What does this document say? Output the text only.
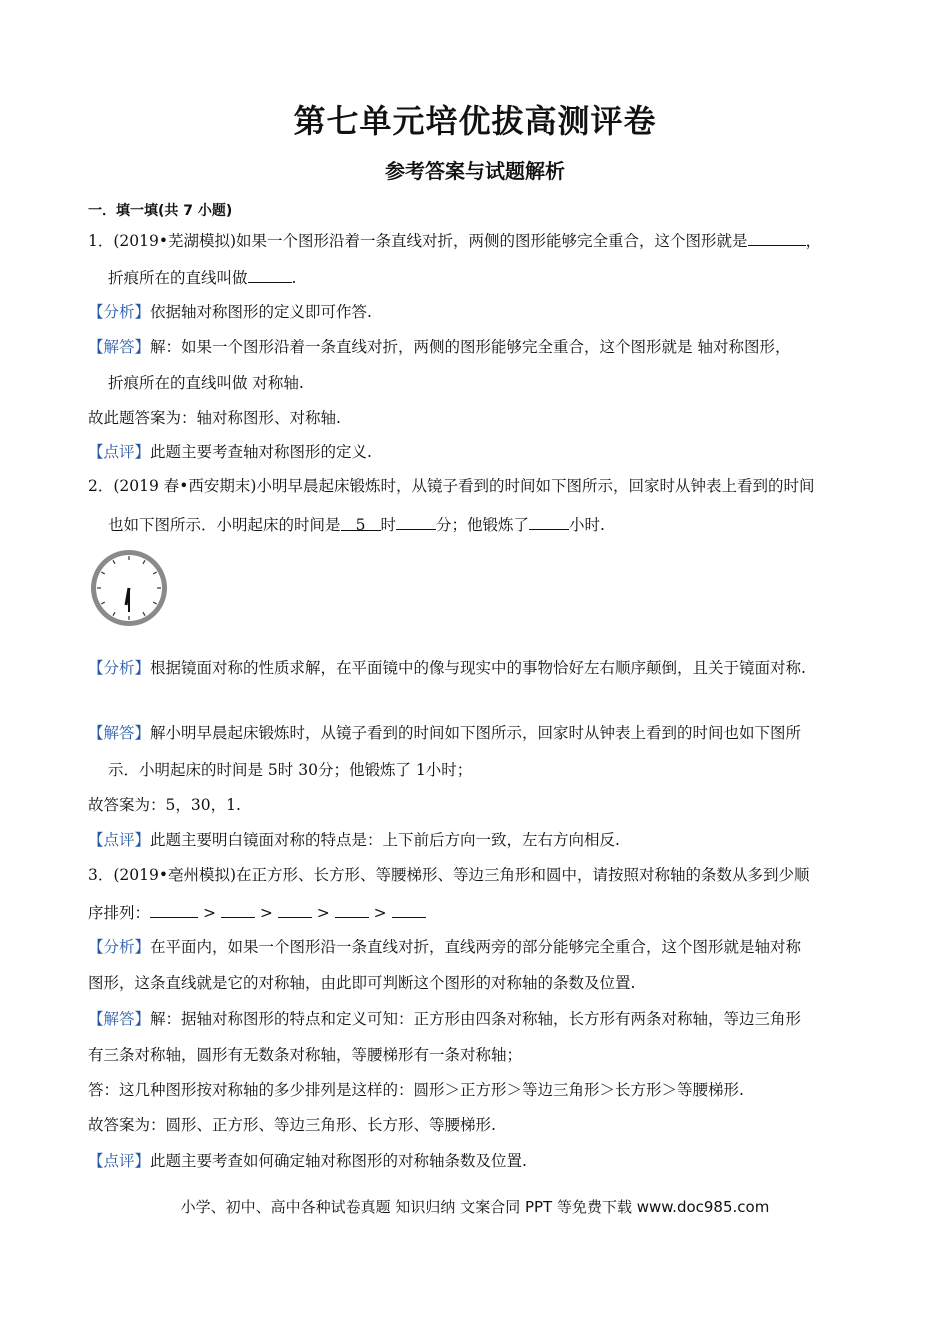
第七单元培优拔高测评卷
参考答案与试题解析
一．填一填(共 7 小题)
1．(2019•芜湖模拟)如果一个图形沿着一条直线对折，两侧的图形能够完全重合，这个图形就是	，
折痕所在的直线叫做	.
【分析】依据轴对称图形的定义即可作答.
【解答】解：如果一个图形沿着一条直线对折，两侧的图形能够完全重合，这个图形就是 轴对称图形，
折痕所在的直线叫做 对称轴.
故此题答案为：轴对称图形、对称轴.
【点评】此题主要考查轴对称图形的定义.
2．(2019 春•西安期末)小明早晨起床锻炼时，从镜子看到的时间如下图所示，回家时从钟表上看到的时间
也如下图所示．小明起床的时间是 5 时	分；他锻炼了	小时.
【分析】根据镜面对称的性质求解，在平面镜中的像与现实中的事物恰好左右顺序颠倒，且关于镜面对称.
【解答】解小明早晨起床锻炼时，从镜子看到的时间如下图所示，回家时从钟表上看到的时间也如下图所
示．小明起床的时间是 5时 30分；他锻炼了 1小时；
故答案为：5，30，1.
【点评】此题主要明白镜面对称的特点是：上下前后方向一致，左右方向相反.
3．(2019•亳州模拟)在正方形、长方形、等腰梯形、等边三角形和圆中，请按照对称轴的条数从多到少顺
序排列：	>	>	>	>
【分析】在平面内，如果一个图形沿一条直线对折，直线两旁的部分能够完全重合，这个图形就是轴对称
图形，这条直线就是它的对称轴，由此即可判断这个图形的对称轴的条数及位置.
【解答】解：据轴对称图形的特点和定义可知：正方形由四条对称轴，长方形有两条对称轴，等边三角形
有三条对称轴，圆形有无数条对称轴，等腰梯形有一条对称轴；
答：这几种图形按对称轴的多少排列是这样的：圆形＞正方形＞等边三角形＞长方形＞等腰梯形.
故答案为：圆形、正方形、等边三角形、长方形、等腰梯形.
【点评】此题主要考查如何确定轴对称图形的对称轴条数及位置.
小学、初中、高中各种试卷真题 知识归纳 文案合同 PPT 等免费下载 www.doc985.com
